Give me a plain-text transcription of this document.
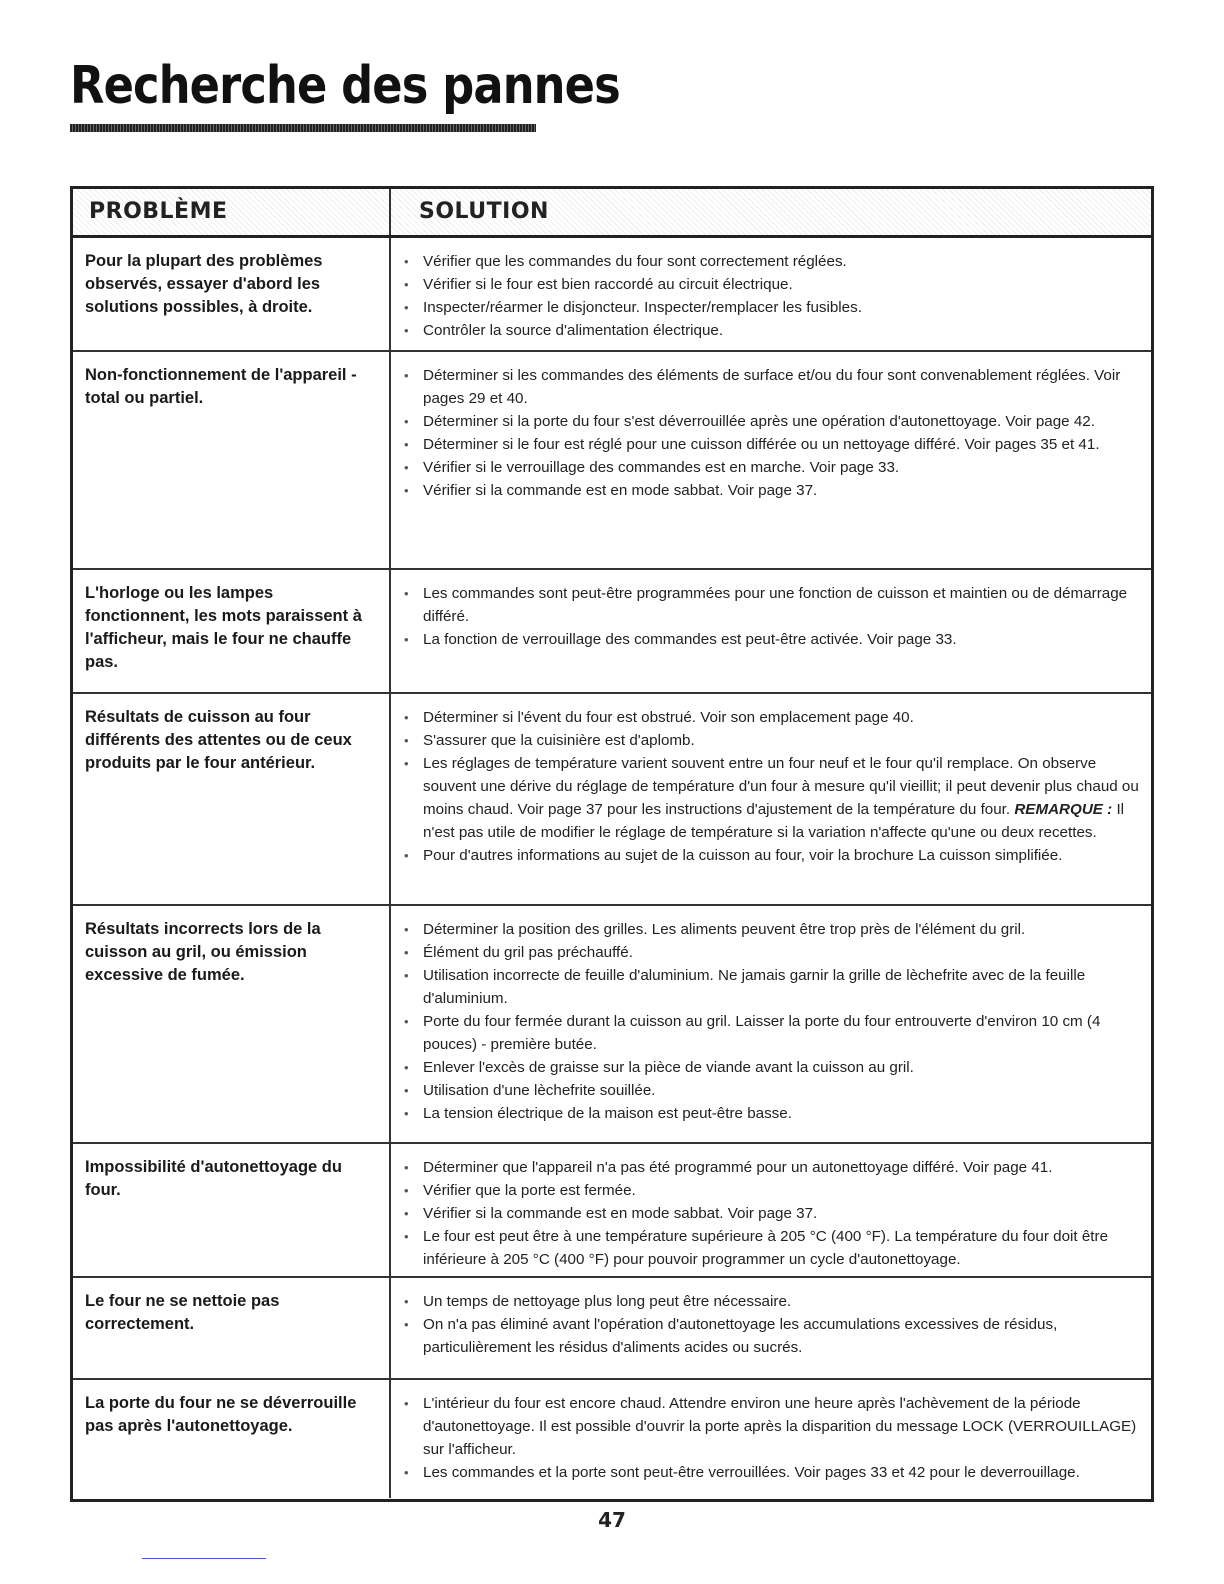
Recherche des pannes
PROBLÈME	SOLUTION
Pour la plupart des problèmes observés, essayer d'abord les solutions possibles, à droite.
• Vérifier que les commandes du four sont correctement réglées.
• Vérifier si le four est bien raccordé au circuit électrique.
• Inspecter/réarmer le disjoncteur. Inspecter/remplacer les fusibles.
• Contrôler la source d'alimentation électrique.
Non-fonctionnement de l'appareil - total ou partiel.
• Déterminer si les commandes des éléments de surface et/ou du four sont convenablement réglées. Voir pages 29 et 40.
• Déterminer si la porte du four s'est déverrouillée après une opération d'autonettoyage. Voir page 42.
• Déterminer si le four est réglé pour une cuisson différée ou un nettoyage différé. Voir pages 35 et 41.
• Vérifier si le verrouillage des commandes est en marche. Voir page 33.
• Vérifier si la commande est en mode sabbat. Voir page 37.
L'horloge ou les lampes fonctionnent, les mots paraissent à l'afficheur, mais le four ne chauffe pas.
• Les commandes sont peut-être programmées pour une fonction de cuisson et maintien ou de démarrage différé.
• La fonction de verrouillage des commandes est peut-être activée. Voir page 33.
Résultats de cuisson au four différents des attentes ou de ceux produits par le four antérieur.
• Déterminer si l'évent du four est obstrué. Voir son emplacement page 40.
• S'assurer que la cuisinière est d'aplomb.
• Les réglages de température varient souvent entre un four neuf et le four qu'il remplace. On observe souvent une dérive du réglage de température d'un four à mesure qu'il vieillit; il peut devenir plus chaud ou moins chaud. Voir page 37 pour les instructions d'ajustement de la température du four. REMARQUE : Il n'est pas utile de modifier le réglage de température si la variation n'affecte qu'une ou deux recettes.
• Pour d'autres informations au sujet de la cuisson au four, voir la brochure La cuisson simplifiée.
Résultats incorrects lors de la cuisson au gril, ou émission excessive de fumée.
• Déterminer la position des grilles. Les aliments peuvent être trop près de l'élément du gril.
• Élément du gril pas préchauffé.
• Utilisation incorrecte de feuille d'aluminium. Ne jamais garnir la grille de lèchefrite avec de la feuille d'aluminium.
• Porte du four fermée durant la cuisson au gril. Laisser la porte du four entrouverte d'environ 10 cm (4 pouces) - première butée.
• Enlever l'excès de graisse sur la pièce de viande avant la cuisson au gril.
• Utilisation d'une lèchefrite souillée.
• La tension électrique de la maison est peut-être basse.
Impossibilité d'autonettoyage du four.
• Déterminer que l'appareil n'a pas été programmé pour un autonettoyage différé. Voir page 41.
• Vérifier que la porte est fermée.
• Vérifier si la commande est en mode sabbat. Voir page 37.
• Le four est peut être à une température supérieure à 205 °C (400 °F). La température du four doit être inférieure à 205 °C (400 °F) pour pouvoir programmer un cycle d'autonettoyage.
Le four ne se nettoie pas correctement.
• Un temps de nettoyage plus long peut être nécessaire.
• On n'a pas éliminé avant l'opération d'autonettoyage les accumulations excessives de résidus, particulièrement les résidus d'aliments acides ou sucrés.
La porte du four ne se déverrouille pas après l'autonettoyage.
• L'intérieur du four est encore chaud. Attendre environ une heure après l'achèvement de la période d'autonettoyage. Il est possible d'ouvrir la porte après la disparition du message LOCK (VERROUILLAGE) sur l'afficheur.
• Les commandes et la porte sont peut-être verrouillées. Voir pages 33 et 42 pour le deverrouillage.
47
